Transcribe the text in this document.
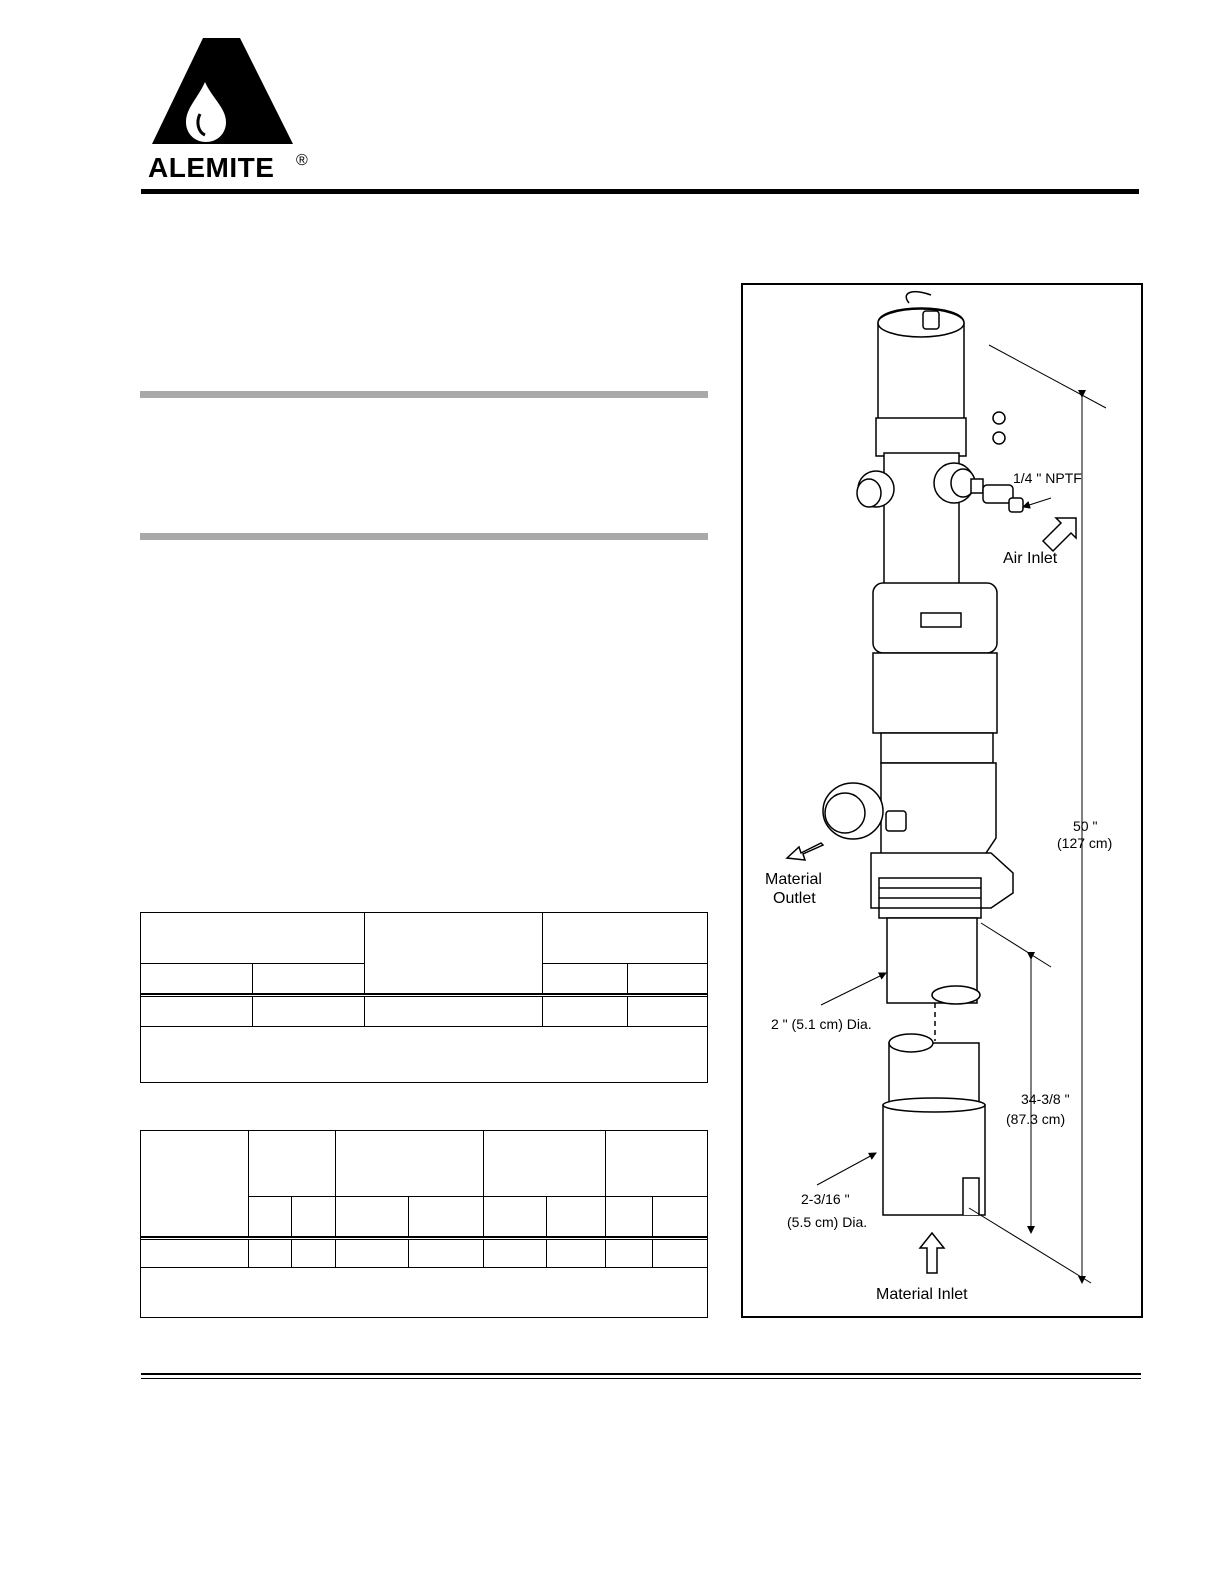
ALEMITE ®

1/4 " NPTF
Air Inlet
Material
Outlet
50 "
(127 cm)
34-3/8 "
(87.3 cm)
2 " (5.1 cm) Dia.
2-3/16 "
(5.5 cm) Dia.
Material Inlet
